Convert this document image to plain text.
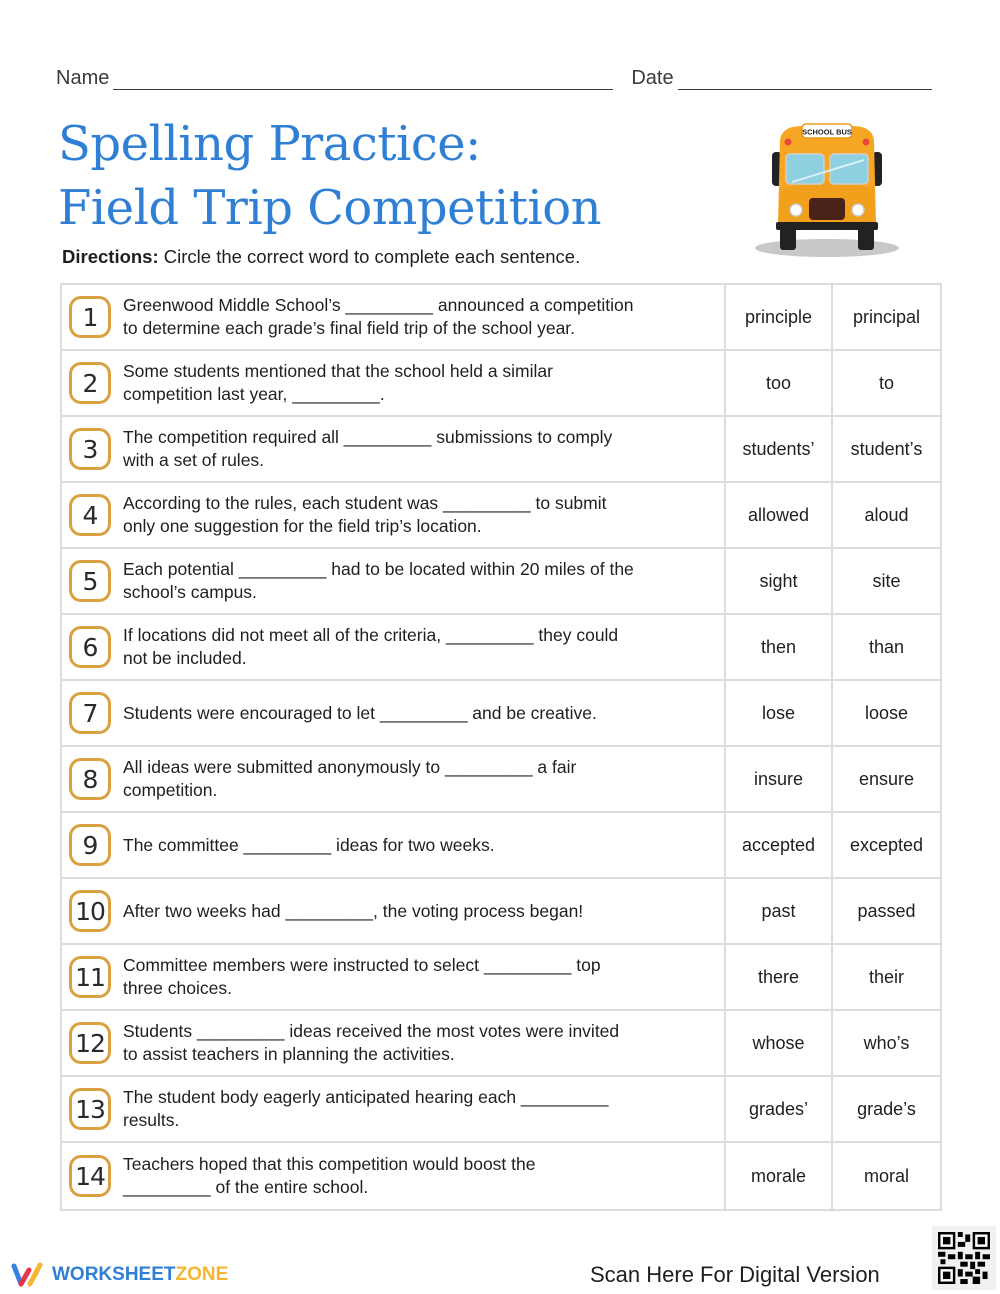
Name	Date
Spelling Practice:
Field Trip Competition
SCHOOL BUS
Directions: Circle the correct word to complete each sentence.
1	Greenwood Middle School’s _________ announced a competition
to determine each grade’s final field trip of the school year.
principle	principal
2	Some students mentioned that the school held a similar
competition last year, _________.
too	to
3	The competition required all _________ submissions to comply
with a set of rules.
students’	student’s
4	According to the rules, each student was _________ to submit
only one suggestion for the field trip’s location.
allowed	aloud
5	Each potential _________ had to be located within 20 miles of the
school’s campus.
sight	site
6	If locations did not meet all of the criteria, _________ they could
not be included.
then	than
7	Students were encouraged to let _________ and be creative.	lose	loose
8	All ideas were submitted anonymously to _________ a fair
competition.
insure	ensure
9	The committee _________ ideas for two weeks.	accepted	excepted
10	After two weeks had _________, the voting process began!	past	passed
11	Committee members were instructed to select _________ top
three choices.
there	their
12	Students _________ ideas received the most votes were invited
to assist teachers in planning the activities.
whose	who’s
13	The student body eagerly anticipated hearing each _________
results.
grades’	grade’s
14	Teachers hoped that this competition would boost the
_________ of the entire school.
morale	moral
WORKSHEETZONE	Scan Here For Digital Version
